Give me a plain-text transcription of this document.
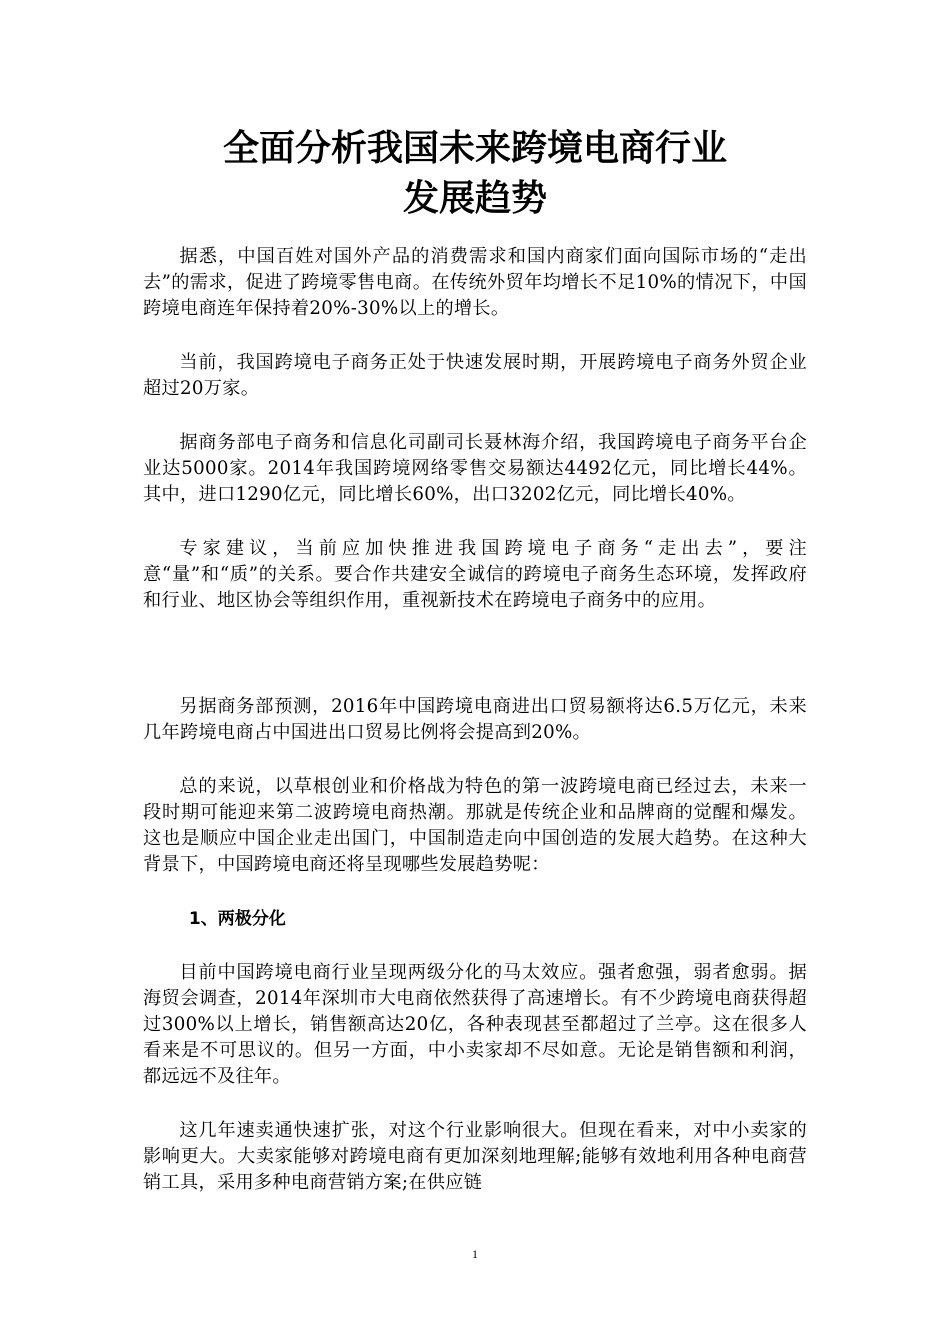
全面分析我国未来跨境电商行业
发展趋势

据悉，中国百姓对国外产品的消费需求和国内商家们面向国际市场的“走出去”的需求，促进了跨境零售电商。在传统外贸年均增长不足10%的情况下，中国跨境电商连年保持着20%-30%以上的增长。

当前，我国跨境电子商务正处于快速发展时期，开展跨境电子商务外贸企业超过20万家。

据商务部电子商务和信息化司副司长聂林海介绍，我国跨境电子商务平台企业达5000家。2014年我国跨境网络零售交易额达4492亿元，同比增长44%。其中，进口1290亿元，同比增长60%，出口3202亿元，同比增长40%。

专家建议，当前应加快推进我国跨境电子商务“走出去”，要注意“量”和“质”的关系。要合作共建安全诚信的跨境电子商务生态环境，发挥政府和行业、地区协会等组织作用，重视新技术在跨境电子商务中的应用。

另据商务部预测，2016年中国跨境电商进出口贸易额将达6.5万亿元，未来几年跨境电商占中国进出口贸易比例将会提高到20%。

总的来说，以草根创业和价格战为特色的第一波跨境电商已经过去，未来一段时期可能迎来第二波跨境电商热潮。那就是传统企业和品牌商的觉醒和爆发。这也是顺应中国企业走出国门，中国制造走向中国创造的发展大趋势。在这种大背景下，中国跨境电商还将呈现哪些发展趋势呢：

1、两极分化

目前中国跨境电商行业呈现两级分化的马太效应。强者愈强，弱者愈弱。据海贸会调查，2014年深圳市大电商依然获得了高速增长。有不少跨境电商获得超过300%以上增长，销售额高达20亿，各种表现甚至都超过了兰亭。这在很多人看来是不可思议的。但另一方面，中小卖家却不尽如意。无论是销售额和利润，都远远不及往年。

这几年速卖通快速扩张，对这个行业影响很大。但现在看来，对中小卖家的影响更大。大卖家能够对跨境电商有更加深刻地理解;能够有效地利用各种电商营销工具，采用多种电商营销方案;在供应链

1
